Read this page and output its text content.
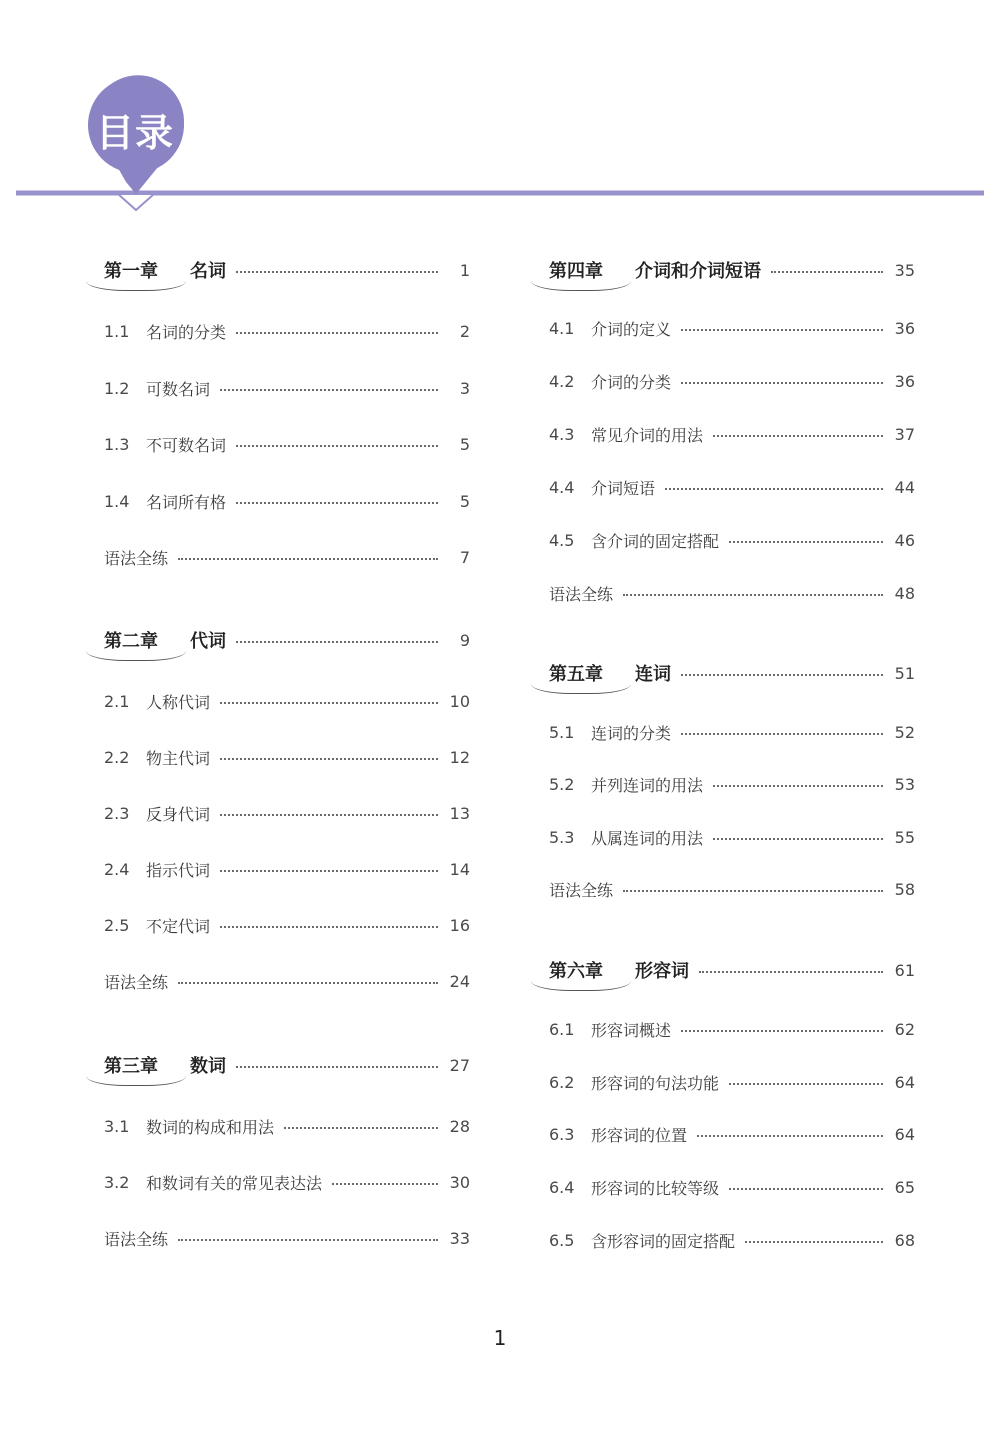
目录
第一章 名词	1
1.1	名词的分类	2
1.2	可数名词	3
1.3	不可数名词	5
1.4	名词所有格	5
语法全练	7
第二章 代词	9
2.1	人称代词	10
2.2	物主代词	12
2.3	反身代词	13
2.4	指示代词	14
2.5	不定代词	16
语法全练	24
第三章 数词	27
3.1	数词的构成和用法	28
3.2	和数词有关的常见表达法	30
语法全练	33
第四章 介词和介词短语	35
4.1	介词的定义	36
4.2	介词的分类	36
4.3	常见介词的用法	37
4.4	介词短语	44
4.5	含介词的固定搭配	46
语法全练	48
第五章 连词	51
5.1	连词的分类	52
5.2	并列连词的用法	53
5.3	从属连词的用法	55
语法全练	58
第六章 形容词	61
6.1	形容词概述	62
6.2	形容词的句法功能	64
6.3	形容词的位置	64
6.4	形容词的比较等级	65
6.5	含形容词的固定搭配	68
1
